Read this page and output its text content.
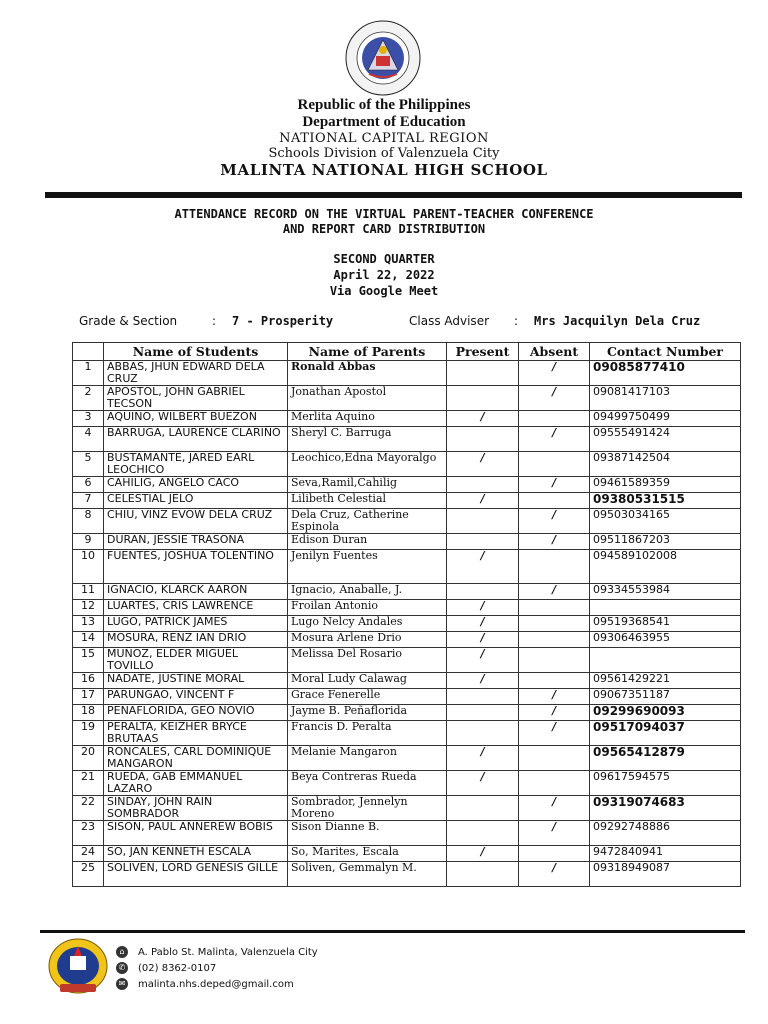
Republic of the Philippines
Department of Education
NATIONAL CAPITAL REGION
Schools Division of Valenzuela City
MALINTA NATIONAL HIGH SCHOOL
ATTENDANCE RECORD ON THE VIRTUAL PARENT-TEACHER CONFERENCE
AND REPORT CARD DISTRIBUTION
SECOND QUARTER
April 22, 2022
Via Google Meet
Grade & Section	: 7 - Prosperity	Class Adviser : Mrs Jacquilyn Dela Cruz
	Name of Students	Name of Parents	Present	Absent	Contact Number
1	ABBAS, JHUN EDWARD DELA CRUZ	Ronald Abbas		/	09085877410
2	APOSTOL, JOHN GABRIEL TECSON	Jonathan Apostol		/	09081417103
3	AQUINO, WILBERT BUEZON	Merlita Aquino	/		09499750499
4	BARRUGA, LAURENCE CLARIÑO	Sheryl C. Barruga		/	09555491424
5	BUSTAMANTE, JARED EARL LEOCHICO	Leochico,Edna Mayoralgo	/		09387142504
6	CAHILIG, ANGELO CACO	Seva,Ramil,Cahilig		/	09461589359
7	CELESTIAL JELO	Lilibeth Celestial	/		09380531515
8	CHIU, VINZ EVOW DELA CRUZ	Dela Cruz, Catherine Espinola		/	09503034165
9	DURAN, JESSIE TRASONA	Edison Duran		/	09511867203
10	FUENTES, JOSHUA TOLENTINO	Jenilyn Fuentes	/		094589102008
11	IGNACIO, KLARCK AARON	Ignacio, Anaballe, J.		/	09334553984
12	LUARTES, CRIS LAWRENCE	Froilan Antonio	/		
13	LUGO, PATRICK JAMES	Lugo Nelcy Andales	/		09519368541
14	MOSURA, RENZ IAN DRIO	Mosura Arlene Drio	/		09306463955
15	MUÑOZ, ELDER MIGUEL TOVILLO	Melissa Del Rosario	/		
16	NADATE, JUSTINE MORAL	Moral Ludy Calawag	/		09561429221
17	PARUNGAO, VINCENT F	Grace Fenerelle		/	09067351187
18	PENAFLORIDA, GEO NOVIO	Jayme B. Peñaflorida		/	09299690093
19	PERALTA, KEIZHER BRYCE BRUTAAS	Francis D. Peralta		/	09517094037
20	RONCALES, CARL DOMINIQUE MANGARON	Melanie Mangaron	/		09565412879
21	RUEDA, GAB EMMANUEL LAZARO	Beya Contreras Rueda	/		09617594575
22	SINDAY, JOHN RAIN SOMBRADOR	Sombrador, Jennelyn Moreno		/	09319074683
23	SISON, PAUL ANNEREW BOBIS	Sison Dianne B.		/	09292748886
24	SO, JAN KENNETH ESCALA	So, Marites, Escala	/		9472840941
25	SOLIVEN, LORD GENESIS GILLE	Soliven, Gemmalyn M.		/	09318949087
⌂ A. Pablo St. Malinta, Valenzuela City
✆ (02) 8362-0107
✉ malinta.nhs.deped@gmail.com
